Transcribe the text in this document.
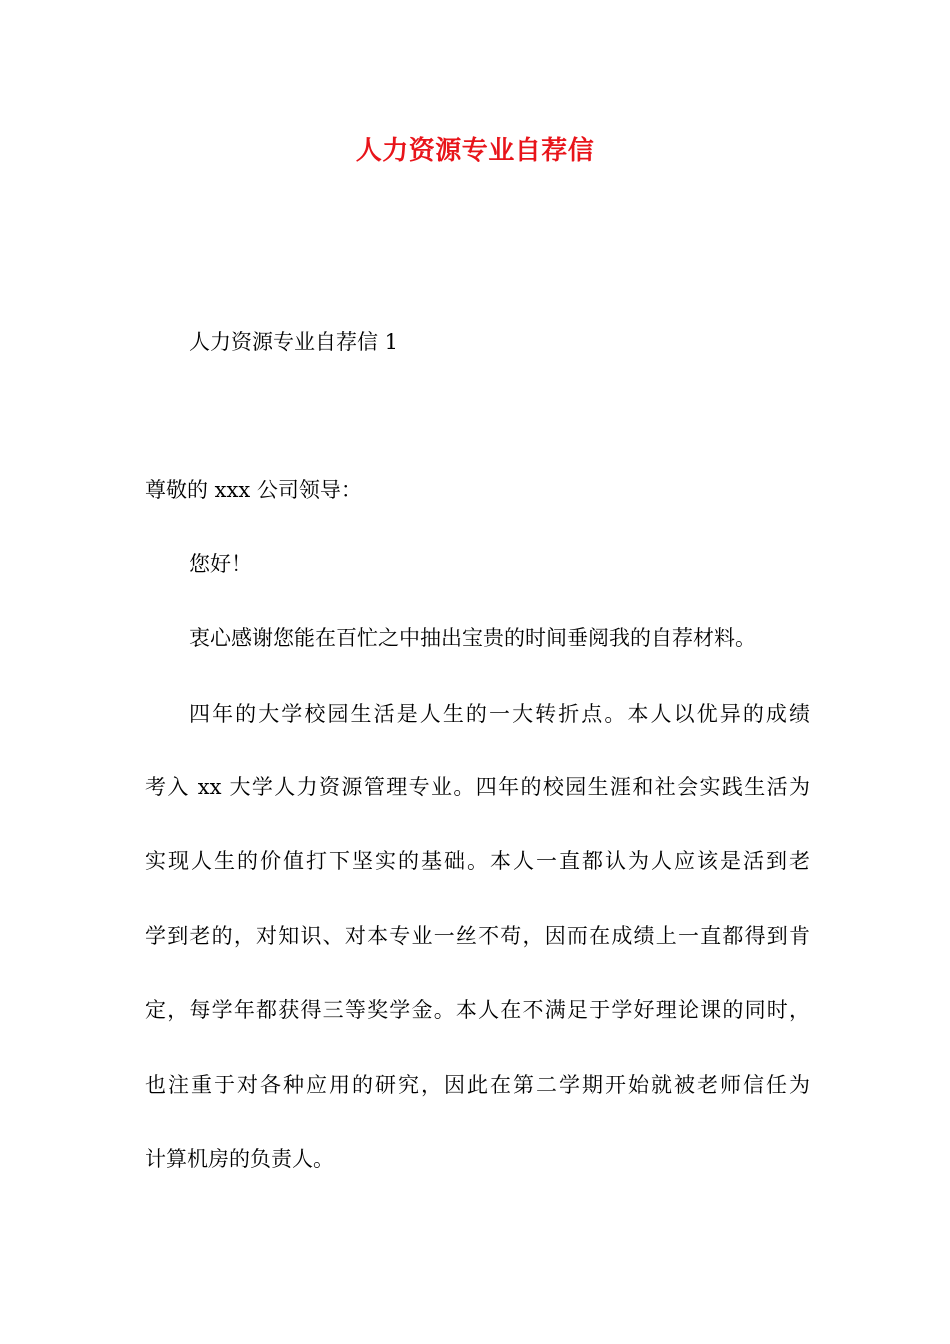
人力资源专业自荐信
人力资源专业自荐信 1
尊敬的 xxx 公司领导：
您好！
衷心感谢您能在百忙之中抽出宝贵的时间垂阅我的自荐材料。
四年的大学校园生活是人生的一大转折点。本人以优异的成绩
考入 xx 大学人力资源管理专业。四年的校园生涯和社会实践生活为
实现人生的价值打下坚实的基础。本人一直都认为人应该是活到老
学到老的，对知识、对本专业一丝不苟，因而在成绩上一直都得到肯
定，每学年都获得三等奖学金。本人在不满足于学好理论课的同时，
也注重于对各种应用的研究，因此在第二学期开始就被老师信任为
计算机房的负责人。
